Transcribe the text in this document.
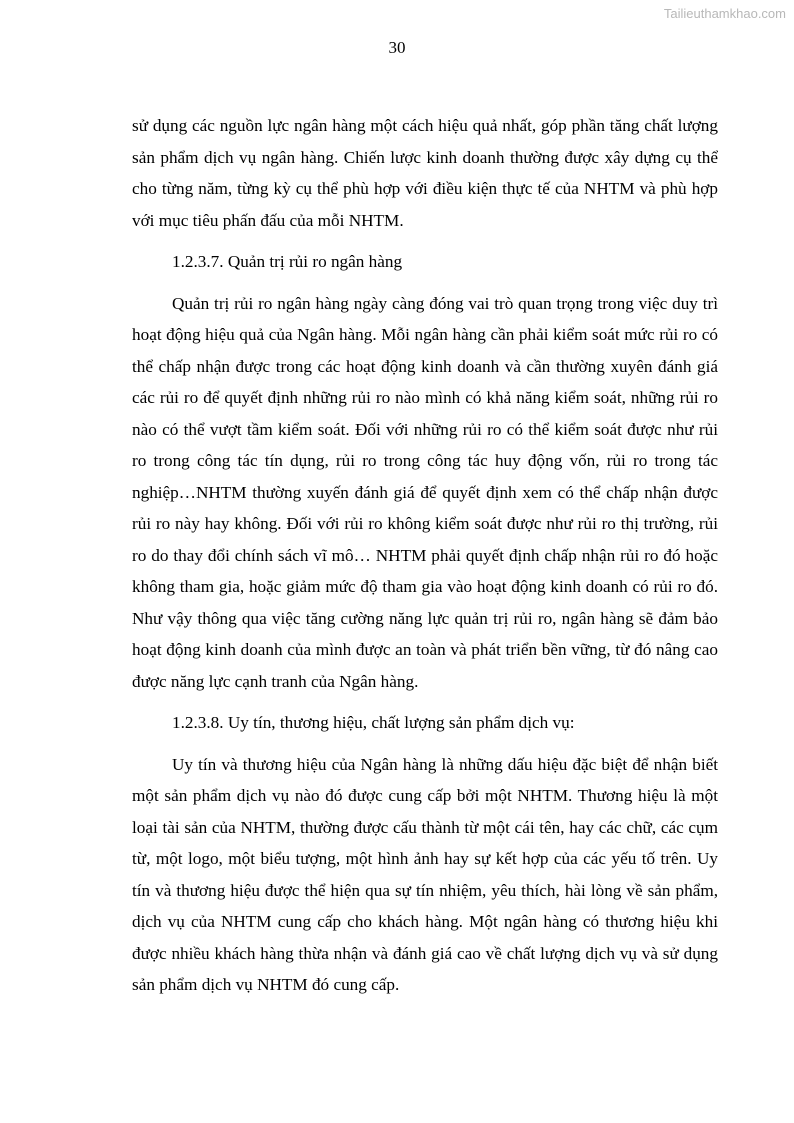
Tailieuthamkhao.com
30

sử dụng các nguồn lực ngân hàng một cách hiệu quả nhất, góp phần tăng chất lượng sản phẩm dịch vụ ngân hàng. Chiến lược kinh doanh thường được xây dựng cụ thể cho từng năm, từng kỳ cụ thể phù hợp với điều kiện thực tế của NHTM và phù hợp với mục tiêu phấn đấu của mỗi NHTM.

1.2.3.7. Quản trị rủi ro ngân hàng

Quản trị rủi ro ngân hàng ngày càng đóng vai trò quan trọng trong việc duy trì hoạt động hiệu quả của Ngân hàng. Mỗi ngân hàng cần phải kiểm soát mức rủi ro có thể chấp nhận được trong các hoạt động kinh doanh và cần thường xuyên đánh giá các rủi ro để quyết định những rủi ro nào mình có khả năng kiểm soát, những rủi ro nào có thể vượt tầm kiểm soát. Đối với những rủi ro có thể kiểm soát được như rủi ro trong công tác tín dụng, rủi ro trong công tác huy động vốn, rủi ro trong tác nghiệp…NHTM thường xuyến đánh giá để quyết định xem có thể chấp nhận được rủi ro này hay không. Đối với rủi ro không kiểm soát được như rủi ro thị trường, rủi ro do thay đổi chính sách vĩ mô… NHTM phải quyết định chấp nhận rủi ro đó hoặc không tham gia, hoặc giảm mức độ tham gia vào hoạt động kinh doanh có rủi ro đó. Như vậy thông qua việc tăng cường năng lực quản trị rủi ro, ngân hàng sẽ đảm bảo hoạt động kinh doanh của mình được an toàn và phát triển bền vững, từ đó nâng cao được năng lực cạnh tranh của Ngân hàng.

1.2.3.8. Uy tín, thương hiệu, chất lượng sản phẩm dịch vụ:

Uy tín và thương hiệu của Ngân hàng là những dấu hiệu đặc biệt để nhận biết một sản phẩm dịch vụ nào đó được cung cấp bởi một NHTM. Thương hiệu là một loại tài sản của NHTM, thường được cấu thành từ một cái tên, hay các chữ, các cụm từ, một logo, một biểu tượng, một hình ảnh hay sự kết hợp của các yếu tố trên. Uy tín và thương hiệu được thể hiện qua sự tín nhiệm, yêu thích, hài lòng về sản phẩm, dịch vụ của NHTM cung cấp cho khách hàng. Một ngân hàng có thương hiệu khi được nhiều khách hàng thừa nhận và đánh giá cao về chất lượng dịch vụ và sử dụng sản phẩm dịch vụ NHTM đó cung cấp.
